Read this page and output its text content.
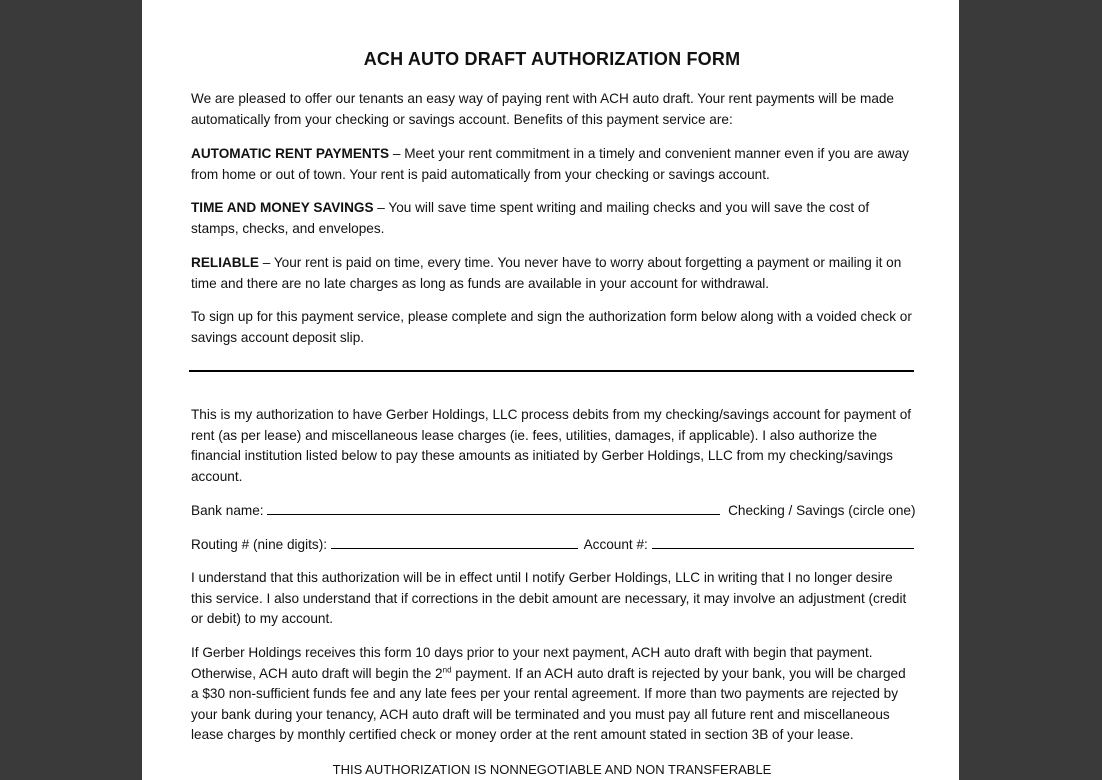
ACH AUTO DRAFT AUTHORIZATION FORM

We are pleased to offer our tenants an easy way of paying rent with ACH auto draft. Your rent payments will be made automatically from your checking or savings account. Benefits of this payment service are:

AUTOMATIC RENT PAYMENTS – Meet your rent commitment in a timely and convenient manner even if you are away from home or out of town. Your rent is paid automatically from your checking or savings account.

TIME AND MONEY SAVINGS – You will save time spent writing and mailing checks and you will save the cost of stamps, checks, and envelopes.

RELIABLE – Your rent is paid on time, every time. You never have to worry about forgetting a payment or mailing it on time and there are no late charges as long as funds are available in your account for withdrawal.

To sign up for this payment service, please complete and sign the authorization form below along with a voided check or savings account deposit slip.

This is my authorization to have Gerber Holdings, LLC process debits from my checking/savings account for payment of rent (as per lease) and miscellaneous lease charges (ie. fees, utilities, damages, if applicable). I also authorize the financial institution listed below to pay these amounts as initiated by Gerber Holdings, LLC from my checking/savings account.

Bank name:	Checking / Savings (circle one)
Routing # (nine digits):	Account #:

I understand that this authorization will be in effect until I notify Gerber Holdings, LLC in writing that I no longer desire this service. I also understand that if corrections in the debit amount are necessary, it may involve an adjustment (credit or debit) to my account.

If Gerber Holdings receives this form 10 days prior to your next payment, ACH auto draft with begin that payment. Otherwise, ACH auto draft will begin the 2nd payment. If an ACH auto draft is rejected by your bank, you will be charged a $30 non-sufficient funds fee and any late fees per your rental agreement. If more than two payments are rejected by your bank during your tenancy, ACH auto draft will be terminated and you must pay all future rent and miscellaneous lease charges by monthly certified check or money order at the rent amount stated in section 3B of your lease.

THIS AUTHORIZATION IS NONNEGOTIABLE AND NON TRANSFERABLE
